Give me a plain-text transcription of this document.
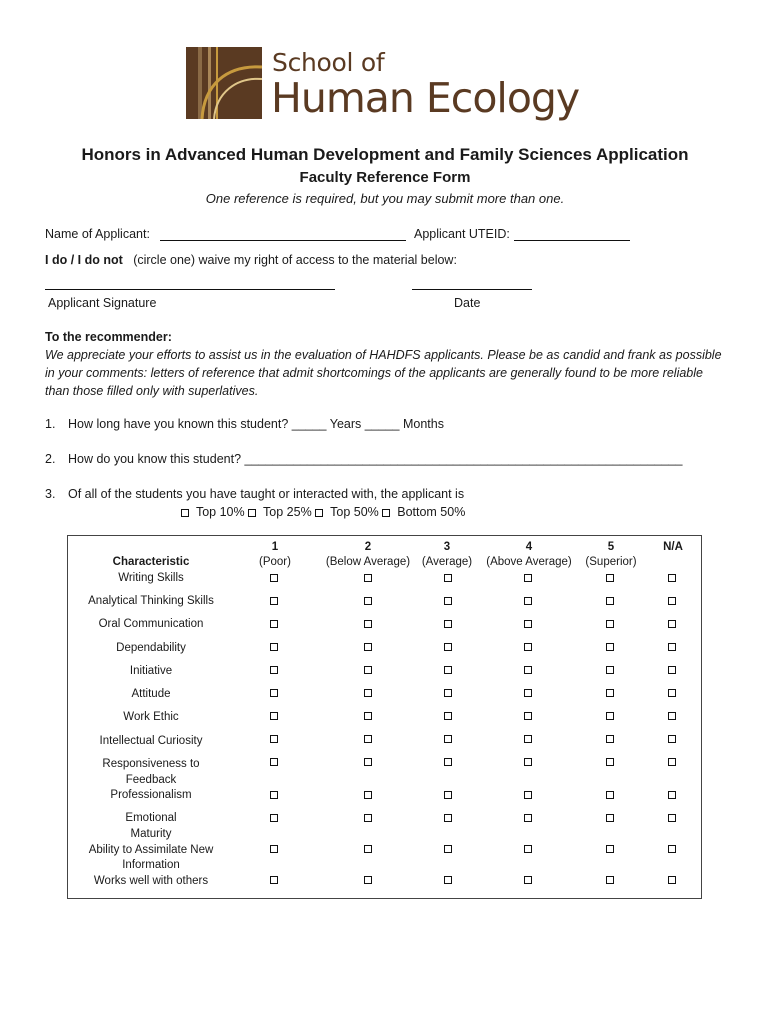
School of
Human Ecology
Honors in Advanced Human Development and Family Sciences Application
Faculty Reference Form
One reference is required, but you may submit more than one.
Name of Applicant:	Applicant UTEID:
I do / I do not (circle one) waive my right of access to the material below:
Applicant Signature	Date
To the recommender:
We appreciate your efforts to assist us in the evaluation of HAHDFS applicants. Please be as candid and frank as possible
in your comments: letters of reference that admit shortcomings of the applicants are generally found to be more reliable
than those filled only with superlatives.
1. How long have you known this student? _____ Years _____ Months
2. How do you know this student? _______________________________________________________________
3. Of all of the students you have taught or interacted with, the applicant is
Top 10% Top 25% Top 50% Bottom 50%
1
(Poor)
2
(Below Average)
3
(Average)
4
(Above Average)
5
(Superior)
N/A
Characteristic
Writing Skills
Analytical Thinking Skills
Oral Communication
Dependability
Initiative
Attitude
Work Ethic
Intellectual Curiosity
Responsiveness to
Feedback
Professionalism
Emotional
Maturity
Ability to Assimilate New
Information
Works well with others
